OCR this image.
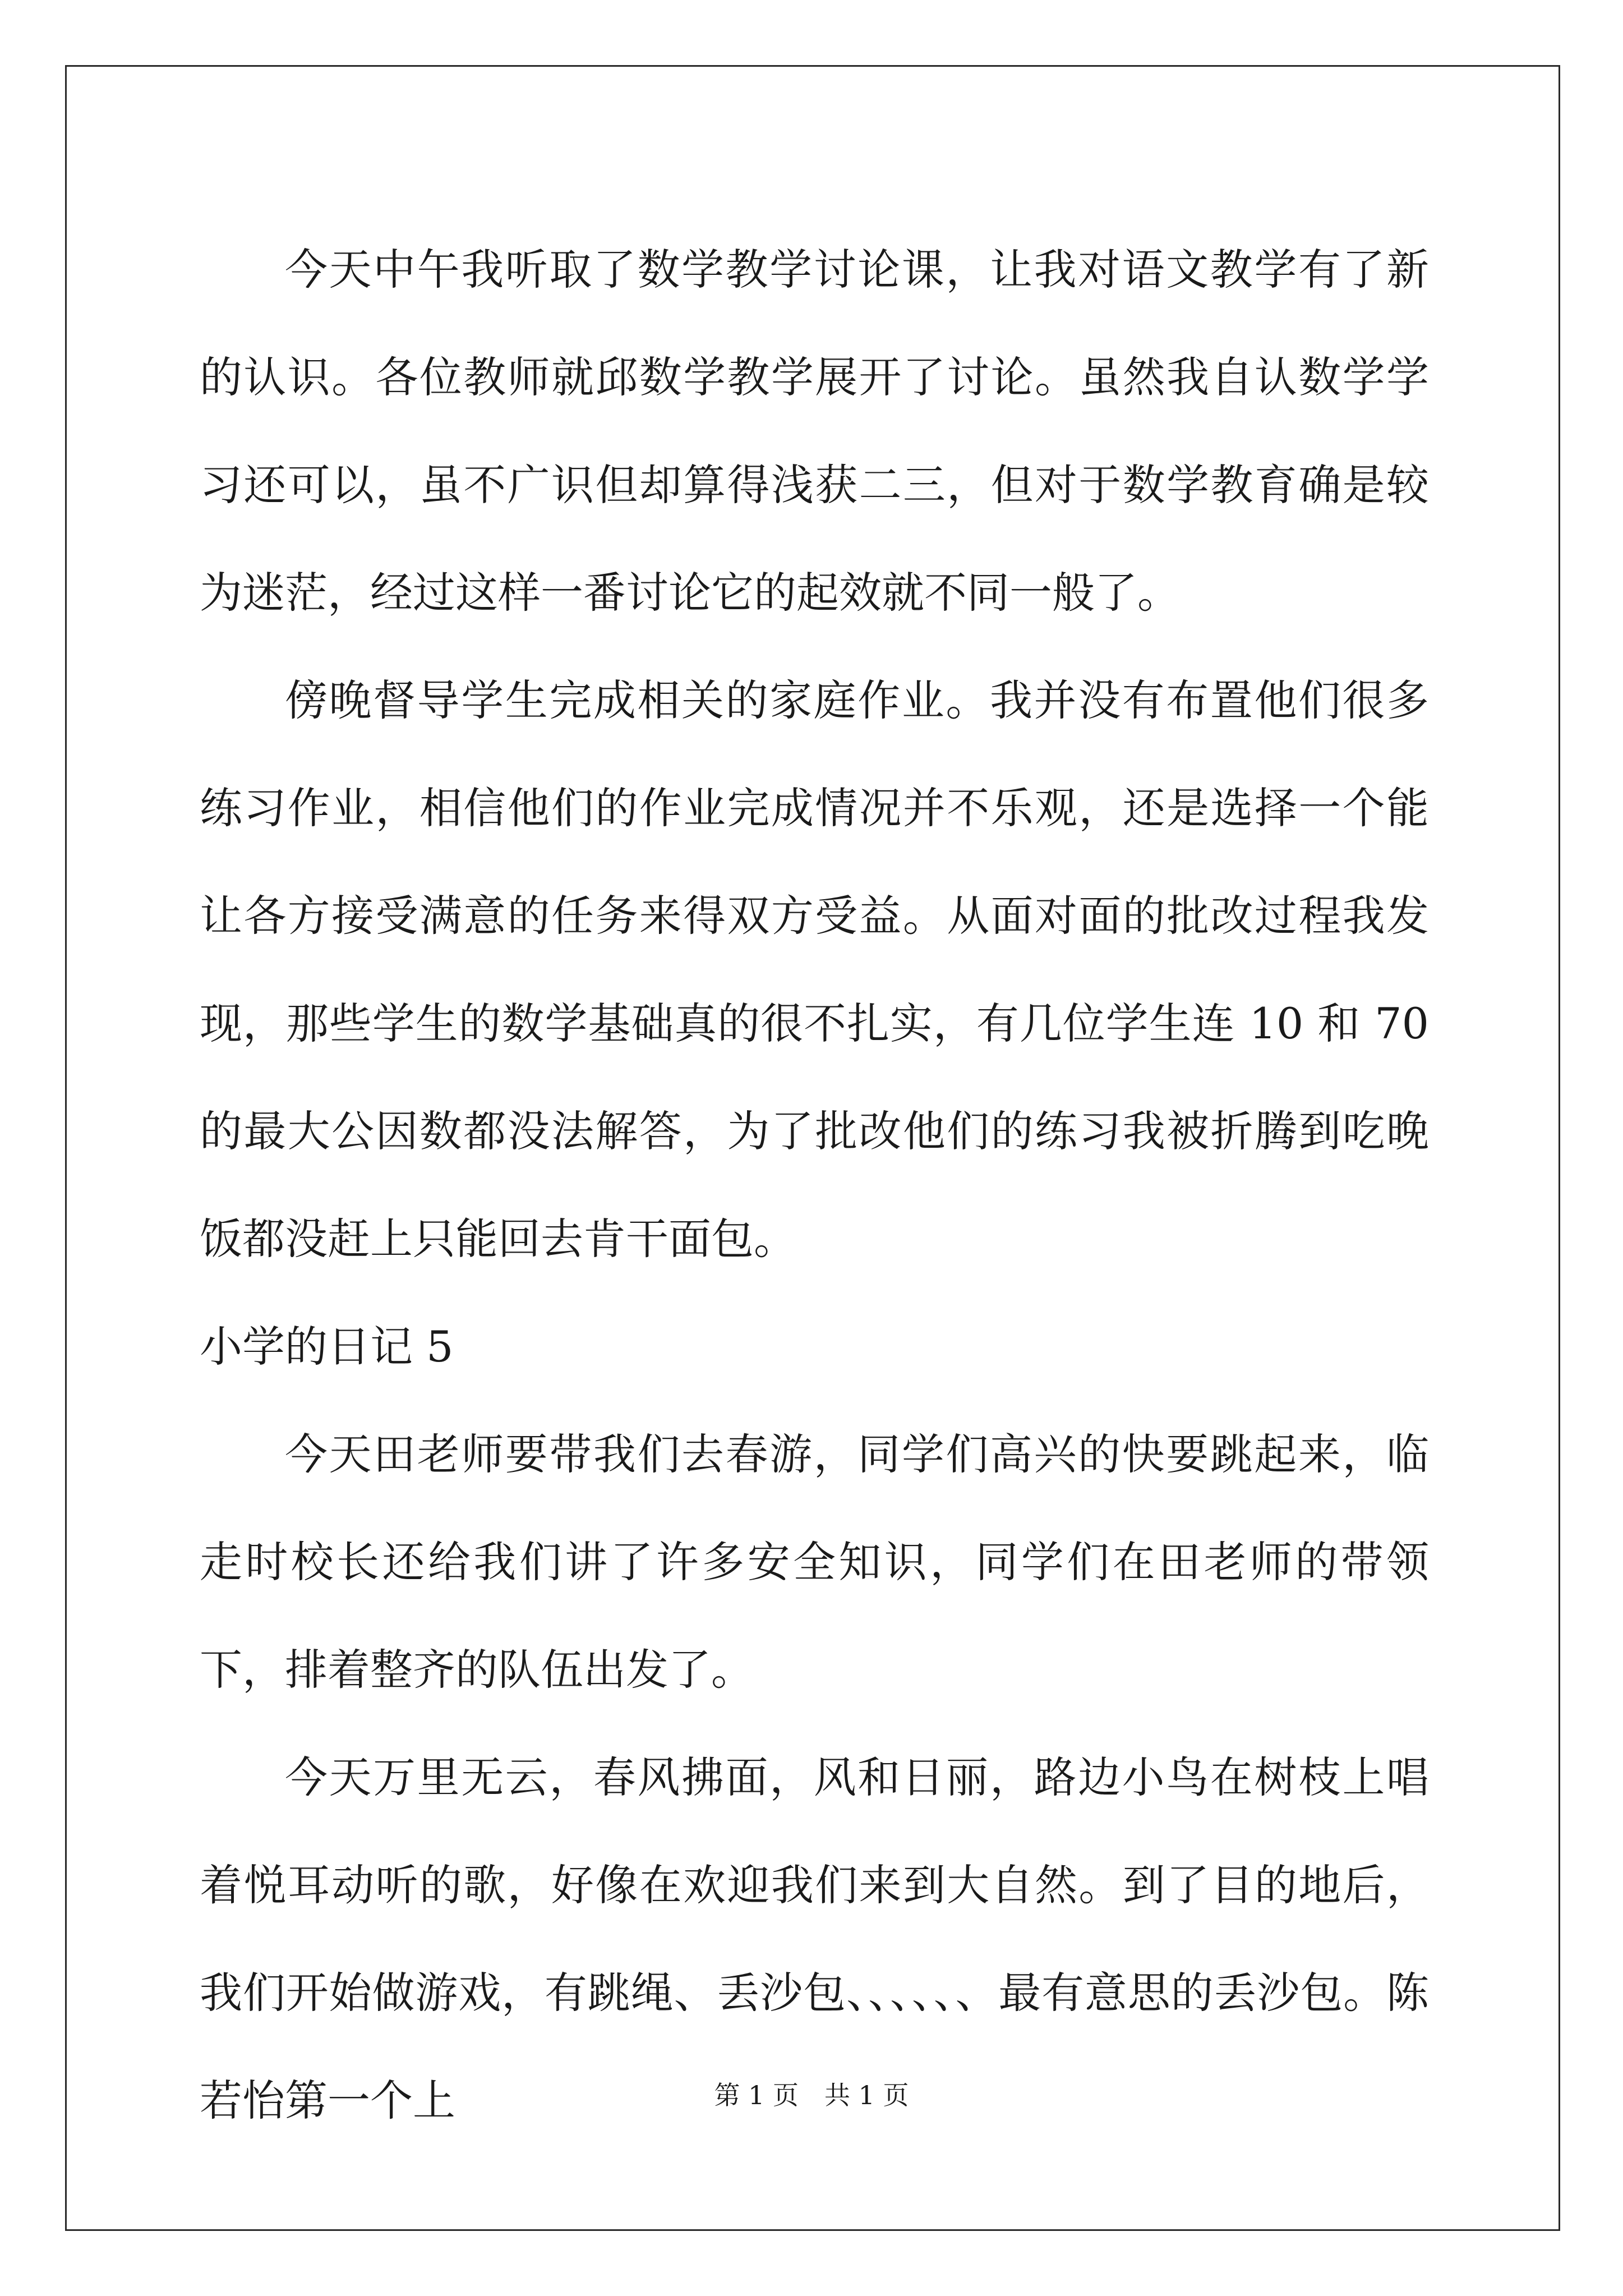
今天中午我听取了数学教学讨论课，让我对语文教学有了新的认识。各位教师就邱数学教学展开了讨论。虽然我自认数学学习还可以，虽不广识但却算得浅获二三，但对于数学教育确是较为迷茫，经过这样一番讨论它的起效就不同一般了。

傍晚督导学生完成相关的家庭作业。我并没有布置他们很多练习作业，相信他们的作业完成情况并不乐观，还是选择一个能让各方接受满意的任务来得双方受益。从面对面的批改过程我发现，那些学生的数学基础真的很不扎实，有几位学生连 10 和 70 的最大公因数都没法解答，为了批改他们的练习我被折腾到吃晚饭都没赶上只能回去肯干面包。

小学的日记 5

今天田老师要带我们去春游，同学们高兴的快要跳起来，临走时校长还给我们讲了许多安全知识，同学们在田老师的带领下，排着整齐的队伍出发了。

今天万里无云，春风拂面，风和日丽，路边小鸟在树枝上唱着悦耳动听的歌，好像在欢迎我们来到大自然。到了目的地后，我们开始做游戏，有跳绳、丢沙包、、、、、、最有意思的丢沙包。陈若怡第一个上	第 1 页 共 1 页
